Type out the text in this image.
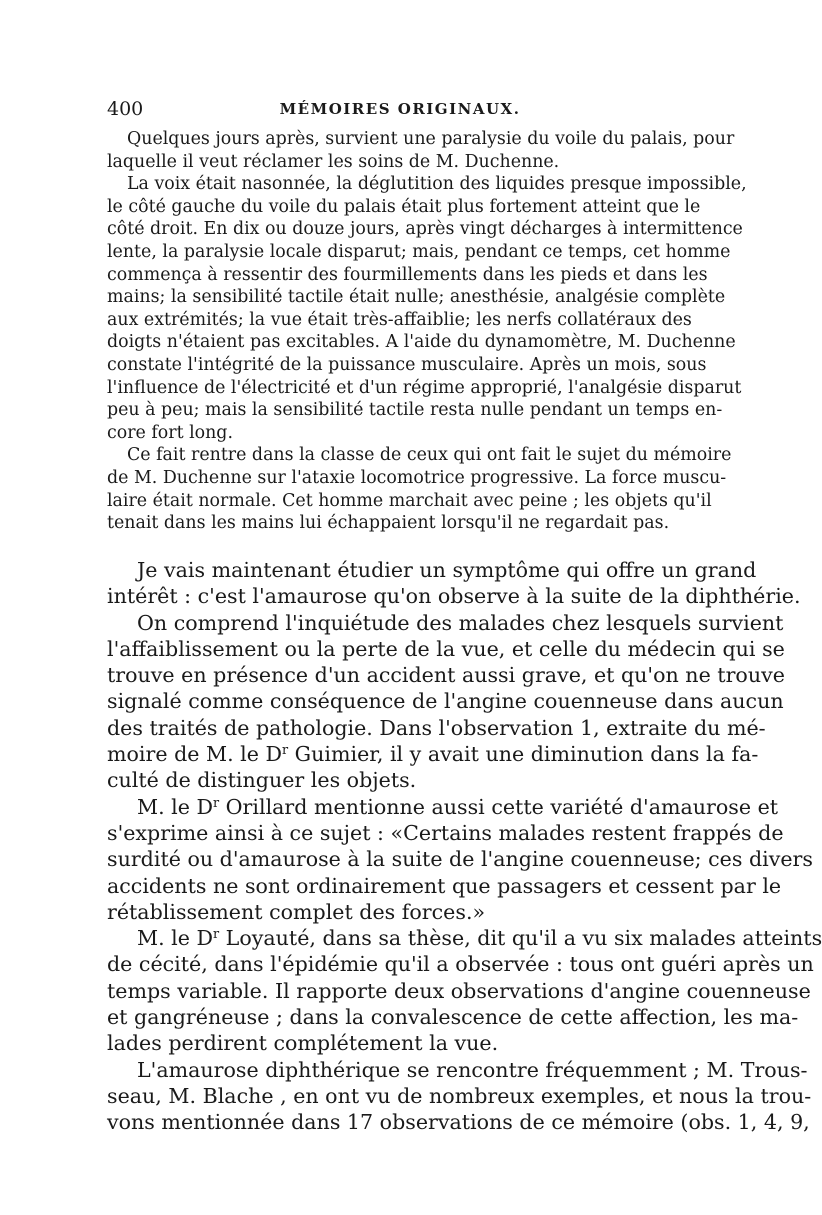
400	MÉMOIRES ORIGINAUX.
Quelques jours après, survient une paralysie du voile du palais, pour
laquelle il veut réclamer les soins de M. Duchenne.
La voix était nasonnée, la déglutition des liquides presque impossible,
le côté gauche du voile du palais était plus fortement atteint que le
côté droit. En dix ou douze jours, après vingt décharges à intermittence
lente, la paralysie locale disparut; mais, pendant ce temps, cet homme
commença à ressentir des fourmillements dans les pieds et dans les
mains; la sensibilité tactile était nulle; anesthésie, analgésie complète
aux extrémités; la vue était très-affaiblie; les nerfs collatéraux des
doigts n'étaient pas excitables. A l'aide du dynamomètre, M. Duchenne
constate l'intégrité de la puissance musculaire. Après un mois, sous
l'influence de l'électricité et d'un régime approprié, l'analgésie disparut
peu à peu; mais la sensibilité tactile resta nulle pendant un temps en-
core fort long.
Ce fait rentre dans la classe de ceux qui ont fait le sujet du mémoire
de M. Duchenne sur l'ataxie locomotrice progressive. La force muscu-
laire était normale. Cet homme marchait avec peine ; les objets qu'il
tenait dans les mains lui échappaient lorsqu'il ne regardait pas.
Je vais maintenant étudier un symptôme qui offre un grand
intérêt : c'est l'amaurose qu'on observe à la suite de la diphthérie.
On comprend l'inquiétude des malades chez lesquels survient
l'affaiblissement ou la perte de la vue, et celle du médecin qui se
trouve en présence d'un accident aussi grave, et qu'on ne trouve
signalé comme conséquence de l'angine couenneuse dans aucun
des traités de pathologie. Dans l'observation 1, extraite du mé-
moire de M. le $D^r$ Guimier, il y avait une diminution dans la fa-
culté de distinguer les objets.
M. le $D^r$ Orillard mentionne aussi cette variété d'amaurose et
s'exprime ainsi à ce sujet : «Certains malades restent frappés de
surdité ou d'amaurose à la suite de l'angine couenneuse; ces divers
accidents ne sont ordinairement que passagers et cessent par le
rétablissement complet des forces.»
M. le $D^r$ Loyauté, dans sa thèse, dit qu'il a vu six malades atteints
de cécité, dans l'épidémie qu'il a observée : tous ont guéri après un
temps variable. Il rapporte deux observations d'angine couenneuse
et gangréneuse ; dans la convalescence de cette affection, les ma-
lades perdirent complétement la vue.
L'amaurose diphthérique se rencontre fréquemment ; M. Trous-
seau, M. Blache , en ont vu de nombreux exemples, et nous la trou-
vons mentionnée dans 17 observations de ce mémoire (obs. 1, 4, 9,
